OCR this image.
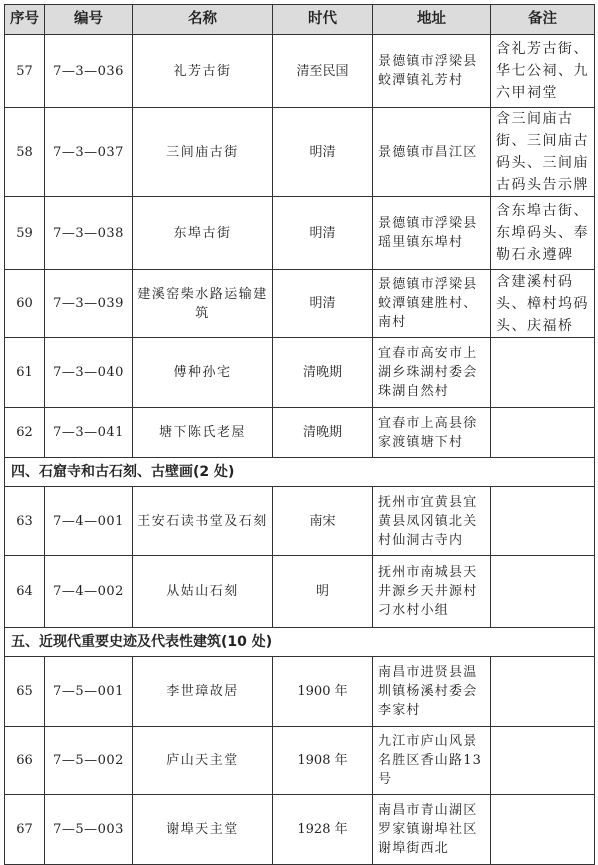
序号	编号	名称	时代	地址	备注
57	7—3—036	礼芳古街	清至民国	景德镇市浮梁县蛟潭镇礼芳村	含礼芳古街、华七公祠、九六甲祠堂
58	7—3—037	三间庙古街	明清	景德镇市昌江区	含三间庙古街、三间庙古码头、三间庙古码头告示牌
59	7—3—038	东埠古街	明清	景德镇市浮梁县瑶里镇东埠村	含东埠古街、东埠码头、奉勒石永遵碑
60	7—3—039	建溪窑柴水路运输建筑	明清	景德镇市浮梁县蛟潭镇建胜村、南村	含建溪村码头、樟村坞码头、庆福桥
61	7—3—040	傅种孙宅	清晚期	宜春市高安市上湖乡珠湖村委会珠湖自然村	
62	7—3—041	塘下陈氏老屋	清晚期	宜春市上高县徐家渡镇塘下村	
四、石窟寺和古石刻、古壁画(2 处)					
63	7—4—001	王安石读书堂及石刻	南宋	抚州市宜黄县宜黄县凤冈镇北关村仙洞古寺内	
64	7—4—002	从姑山石刻	明	抚州市南城县天井源乡天井源村刁水村小组	
五、近现代重要史迹及代表性建筑(10 处)					
65	7—5—001	李世璋故居	1900 年	南昌市进贤县温圳镇杨溪村委会李家村	
66	7—5—002	庐山天主堂	1908 年	九江市庐山风景名胜区香山路13 号	
67	7—5—003	谢埠天主堂	1928 年	南昌市青山湖区罗家镇谢埠社区谢埠街西北	
